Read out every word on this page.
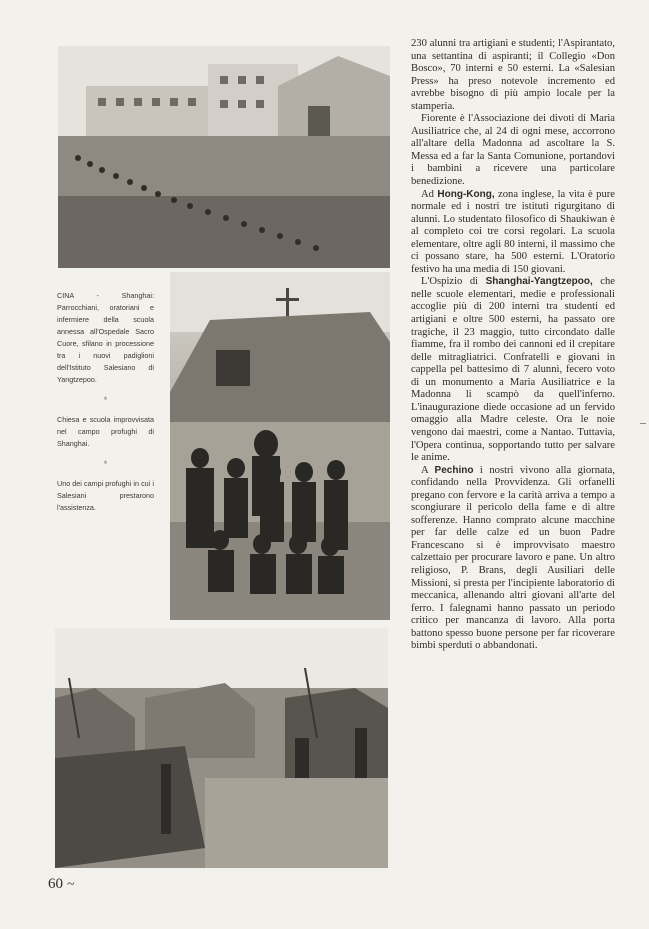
CINA - Shanghai: Parrocchiani, oratoriani e infermiere della scuola annessa all'Ospedale Sacro Cuore, sfilano in processione tra i nuovi padiglioni dell'Istituto Salesiano di Yangtzepoo.

*

Chiesa e scuola improvvisata nel campo profughi di Shanghai.

*

Uno dei campi profughi in cui i Salesiani prestarono l'assistenza.

230 alunni tra artigiani e studenti; l'Aspirantato, una settantina di aspiranti; il Collegio «Don Bosco», 70 interni e 50 esterni. La «Salesian Press» ha preso notevole incremento ed avrebbe bisogno di più ampio locale per la stamperia.

Fiorente è l'Associazione dei divoti di Maria Ausiliatrice che, al 24 di ogni mese, accorrono all'altare della Madonna ad ascoltare la S. Messa ed a far la Santa Comunione, portandovi i bambini a ricevere una particolare benedizione.

Ad Hong-Kong, zona inglese, la vita è pure normale ed i nostri tre istituti rigurgitano di alunni. Lo studentato filosofico di Shaukiwan è al completo coi tre corsi regolari. La scuola elementare, oltre agli 80 interni, il massimo che ci possano stare, ha 500 esterni. L'Oratorio festivo ha una media di 150 giovani.

L'Ospizio di Shanghai-Yangtzepoo, che nelle scuole elementari, medie e professionali accoglie più di 200 interni tra studenti ed artigiani e oltre 500 esterni, ha passato ore tragiche, il 23 maggio, tutto circondato dalle fiamme, fra il rombo dei cannoni ed il crepitare delle mitragliatrici. Confratelli e giovani in cappella pel battesimo di 7 alunni, fecero voto di un monumento a Maria Ausiliatrice e la Madonna li scampò da quell'inferno. L'inaugurazione diede occasione ad un fervido omaggio alla Madre celeste. Ora le noie vengono dai maestri, come a Nantao. Tuttavia, l'Opera continua, sopportando tutto per salvare le anime.

A Pechino i nostri vivono alla giornata, confidando nella Provvidenza. Gli orfanelli pregano con fervore e la carità arriva a tempo a scongiurare il pericolo della fame e di altre sofferenze. Hanno comprato alcune macchine per far delle calze ed un buon Padre Francescano si è improvvisato maestro calzettaio per procurare lavoro e pane. Un altro religioso, P. Brans, degli Ausiliari delle Missioni, si presta per l'incipiente laboratorio di meccanica, allenando altri giovani all'arte del ferro. I falegnami hanno passato un periodo critico per mancanza di lavoro. Alla porta battono spesso buone persone per far ricoverare bimbi sperduti o abbandonati.

60 ~
